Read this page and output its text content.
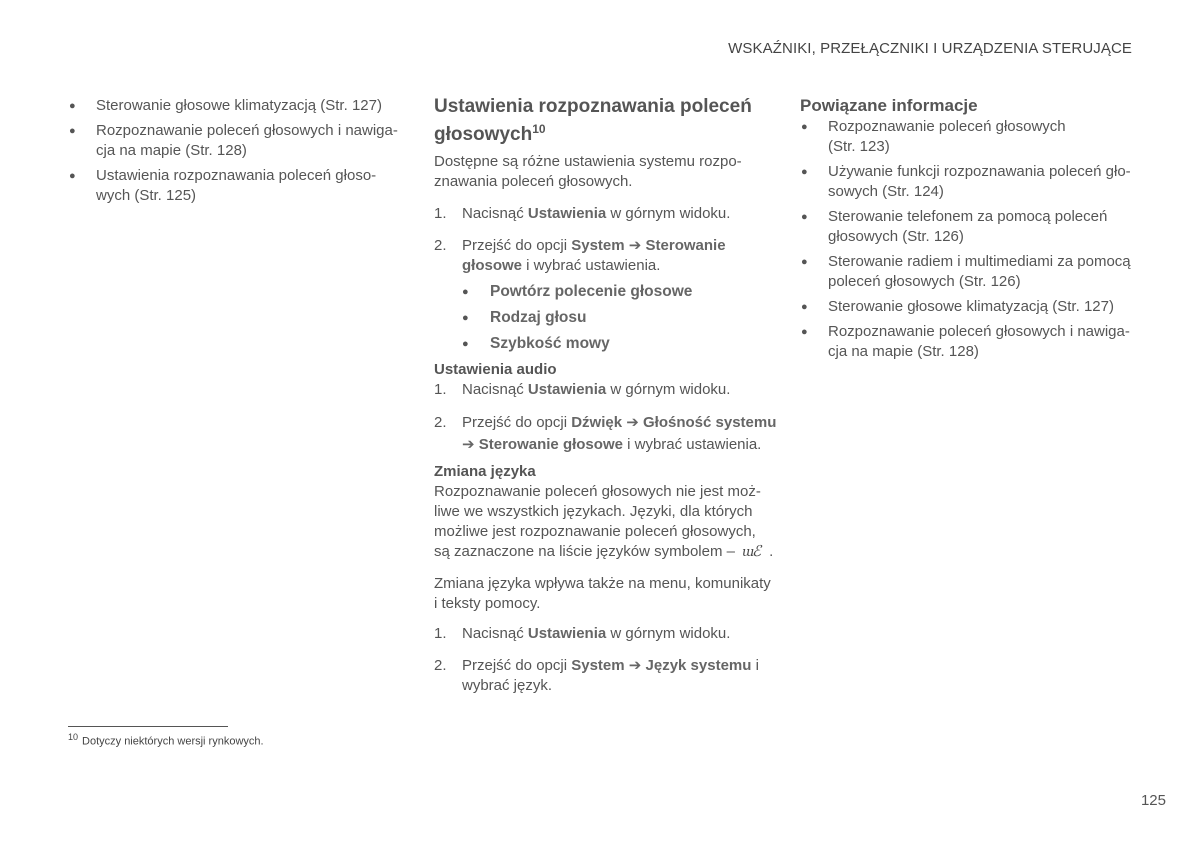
WSKAŹNIKI, PRZEŁĄCZNIKI I URZĄDZENIA STERUJĄCE
● Sterowanie głosowe klimatyzacją (Str. 127)
● Rozpoznawanie poleceń głosowych i nawiga-
cja na mapie (Str. 128)
● Ustawienia rozpoznawania poleceń głoso-
wych (Str. 125)
Ustawienia rozpoznawania poleceń głosowych$^{10}$

Dostępne są różne ustawienia systemu rozpo-
znawania poleceń głosowych.

1. Nacisnąć Ustawienia w górnym widoku.
2. Przejść do opcji System ➔ Sterowanie głosowe i wybrać ustawienia.
● Powtórz polecenie głosowe
● Rodzaj głosu
● Szybkość mowy
Ustawienia audio
1. Nacisnąć Ustawienia w górnym widoku.
2. Przejść do opcji Dźwięk ➔ Głośność systemu ➔ Sterowanie głosowe i wybrać ustawienia.
Zmiana języka

Rozpoznawanie poleceń głosowych nie jest moż-
liwe we wszystkich językach. Języki, dla których
możliwe jest rozpoznawanie poleceń głosowych,
są zaznaczone na liście języków symbolem – ɯ
ℰ .

Zmiana języka wpływa także na menu, komunikaty
i teksty pomocy.

1. Nacisnąć Ustawienia w górnym widoku.
2. Przejść do opcji System ➔ Język systemu i wybrać język.
Powiązane informacje
● Rozpoznawanie poleceń głosowych
(Str. 123)
● Używanie funkcji rozpoznawania poleceń gło-
sowych (Str. 124)
● Sterowanie telefonem za pomocą poleceń
głosowych (Str. 126)
● Sterowanie radiem i multimediami za pomocą
poleceń głosowych (Str. 126)
● Sterowanie głosowe klimatyzacją (Str. 127)
● Rozpoznawanie poleceń głosowych i nawiga-
cja na mapie (Str. 128)
$^{10}$ Dotyczy niektórych wersji rynkowych.
125
